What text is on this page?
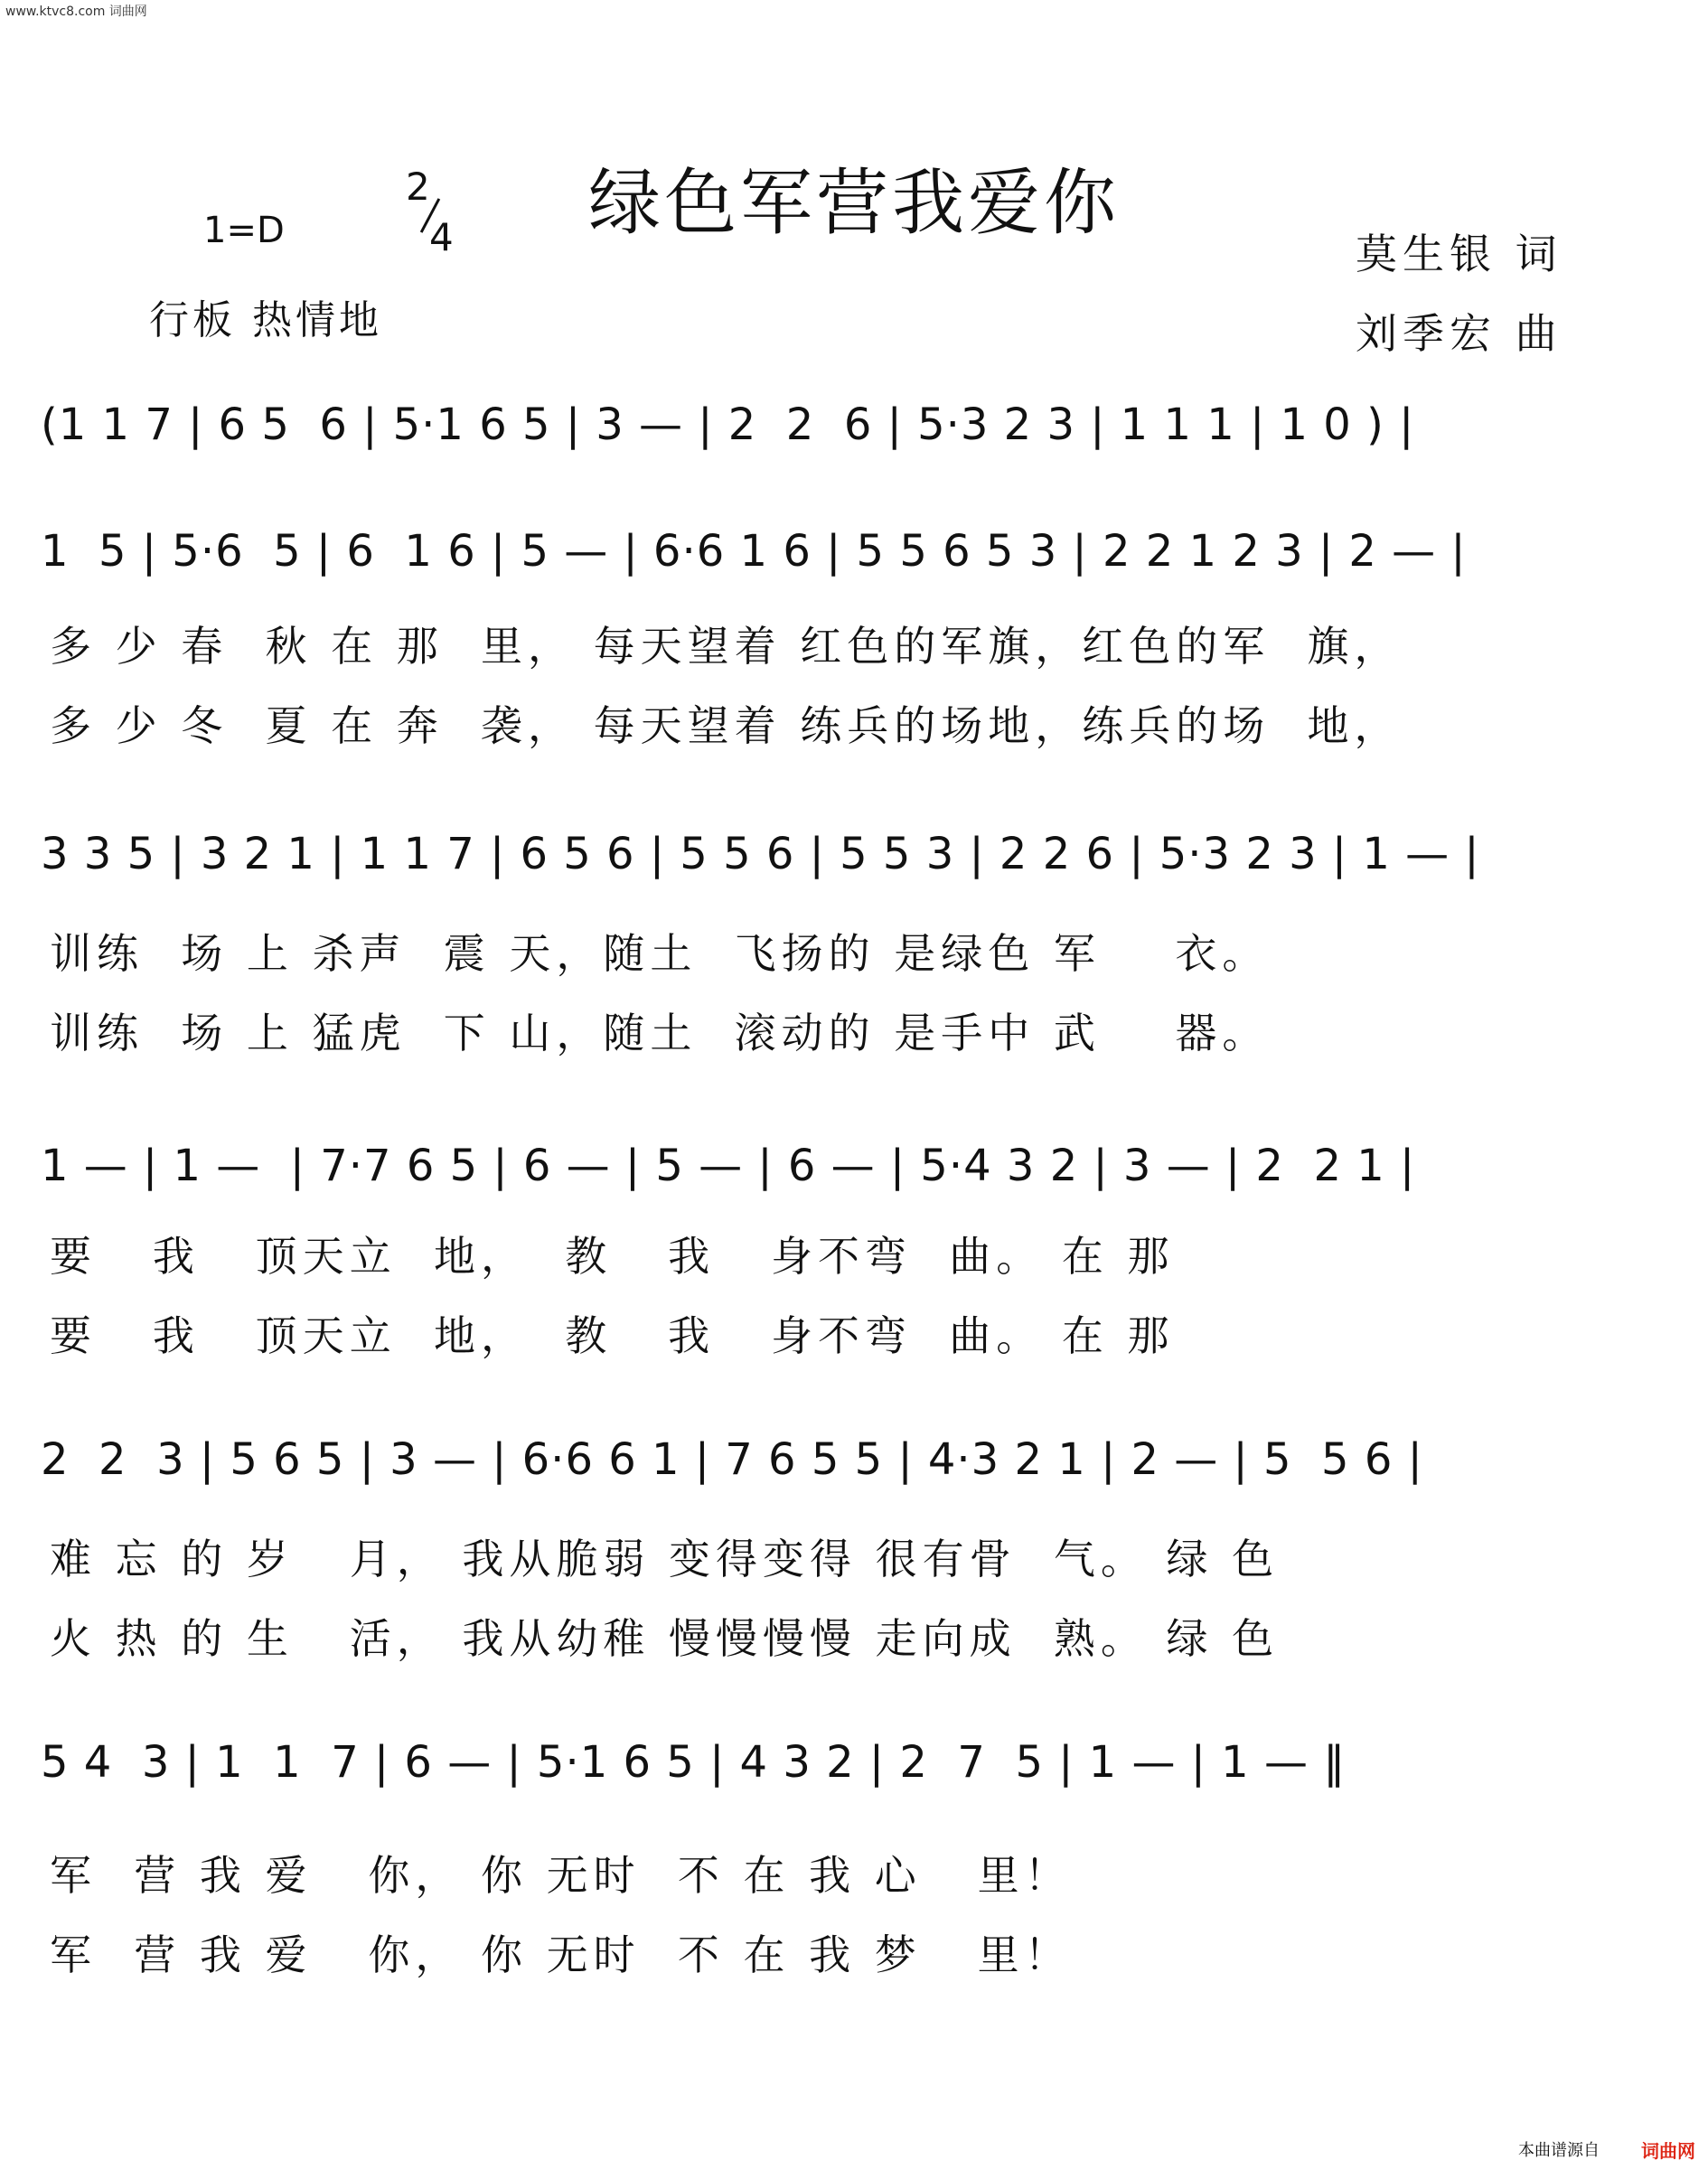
www.ktvc8.com 词曲网
绿色军营我爱你
1=D
2
4
行板 热情地
莫生银 词
刘季宏 曲
(1 1 7 | 6 5  6 | 5·1 6 5 | 3 — | 2  2  6 | 5·3 2 3 | 1 1 1 | 1 0 ) |
1  5 | 5·6  5 | 6  1 6 | 5 — | 6·6 1 6 | 5 5 6 5 3 | 2 2 1 2 3 | 2 — |
多 少 春  秋 在 那  里， 每天望着 红色的军旗，红色的军  旗，
多 少 冬  夏 在 奔  袭， 每天望着 练兵的场地，练兵的场  地，
3 3 5 | 3 2 1 | 1 1 7 | 6 5 6 | 5 5 6 | 5 5 3 | 2 2 6 | 5·3 2 3 | 1 — |
训练  场 上 杀声  震 天，随土  飞扬的 是绿色 军    衣。
训练  场 上 猛虎  下 山，随土  滚动的 是手中 武    器。
1 — | 1 —  | 7·7 6 5 | 6 — | 5 — | 6 — | 5·4 3 2 | 3 — | 2  2 1 |
要   我   顶天立  地，  教   我   身不弯  曲。 在 那
要   我   顶天立  地，  教   我   身不弯  曲。 在 那
2  2  3 | 5 6 5 | 3 — | 6·6 6 1 | 7 6 5 5 | 4·3 2 1 | 2 — | 5  5 6 |
难 忘 的 岁   月， 我从脆弱 变得变得 很有骨  气。 绿 色
火 热 的 生   活， 我从幼稚 慢慢慢慢 走向成  熟。 绿 色
5 4  3 | 1  1  7 | 6 — | 5·1 6 5 | 4 3 2 | 2  7  5 | 1 — | 1 — ‖
军  营 我 爱   你， 你 无时  不 在 我 心   里！
军  营 我 爱   你， 你 无时  不 在 我 梦   里！
本曲谱源自 词曲网
